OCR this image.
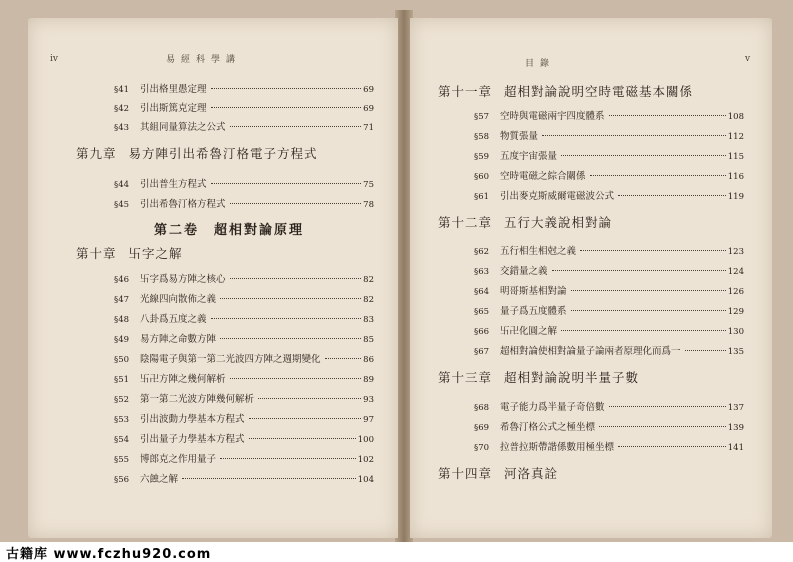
iv	易經科學講
§41	引出格里愚定理	69
§42	引出斯篤克定理	69
§43	其組同量算法之公式	71
第九章 易方陣引出希魯汀格電子方程式
§44	引出普生方程式	75
§45	引出希魯汀格方程式	78
第二卷　超相對論原理
第十章 卐字之解
§46	卐字爲易方陣之核心	82
§47	光線四向散佈之義	82
§48	八卦爲五度之義	83
§49	易方陣之命數方陣	85
§50	陰陽電子與第一第二光波四方陣之週期變化	86
§51	卐卍方陣之幾何解析	89
§52	第一第二光波方陣幾何解析	93
§53	引出波動力學基本方程式	97
§54	引出量子力學基本方程式	100
§55	博郎克之作用量子	102
§56	六蝕之解	104
目錄	v
第十一章 超相對論說明空時電磁基本關係
§57	空時與電磁兩宇四度體系	108
§58	物質張量	112
§59	五度宇宙張量	115
§60	空時電磁之綜合關係	116
§61	引出麥克斯威爾電磁波公式	119
第十二章 五行大義說相對論
§62	五行相生相尅之義	123
§63	交錯量之義	124
§64	明哥斯基相對論	126
§65	量子爲五度體系	129
§66	卐卍化圓之解	130
§67	超相對論使相對論量子論兩者原理化而爲一	135
第十三章 超相對論說明半量子數
§68	電子能力爲半量子奇倍數	137
§69	希魯汀格公式之極坐標	139
§70	拉普拉斯帶諧係數用極坐標	141
第十四章 河洛真詮
古籍库 www.fczhu920.com
